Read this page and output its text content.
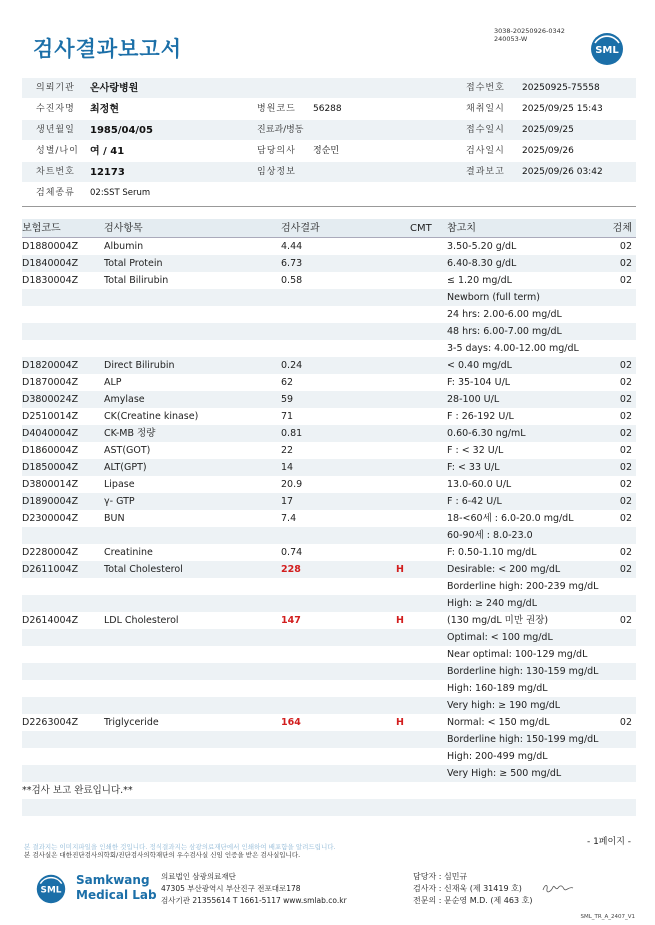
3038-20250926-0342
240053-W
검사결과보고서	SML
의뢰기관 온사랑병원	접수번호 20250925-75558
수진자명 최정현	병원코드 56288	채취일시 2025/09/25 15:43
생년월일 1985/04/05	진료과/병동	접수일시 2025/09/25
성별/나이 여 / 41	담당의사 정순민	검사일시 2025/09/26
차트번호 12173	임상정보	결과보고 2025/09/26 03:42
검체종류 02:SST Serum
보험코드	검사항목	검사결과	CMT 참고치	검체
D1880004Z	Albumin	4.44	3.50-5.20 g/dL	02
D1840004Z	Total Protein	6.73	6.40-8.30 g/dL	02
D1830004Z	Total Bilirubin	0.58	≤ 1.20 mg/dL	02
Newborn (full term)
24 hrs: 2.00-6.00 mg/dL
48 hrs: 6.00-7.00 mg/dL
3-5 days: 4.00-12.00 mg/dL
D1820004Z	Direct Bilirubin	0.24	< 0.40 mg/dL	02
D1870004Z	ALP	62	F: 35-104 U/L	02
D3800024Z	Amylase	59	28-100 U/L	02
D2510014Z	CK(Creatine kinase)	71	F : 26-192 U/L	02
D4040004Z	CK-MB 정량	0.81	0.60-6.30 ng/mL	02
D1860004Z	AST(GOT)	22	F : < 32 U/L	02
D1850004Z	ALT(GPT)	14	F: < 33 U/L	02
D3800014Z	Lipase	20.9	13.0-60.0 U/L	02
D1890004Z	γ- GTP	17	F : 6-42 U/L	02
D2300004Z	BUN	7.4	18-<60세 : 6.0-20.0 mg/dL	02
60-90세 : 8.0-23.0
D2280004Z	Creatinine	0.74	F: 0.50-1.10 mg/dL	02
D2611004Z	Total Cholesterol	228	H	Desirable: < 200 mg/dL	02
Borderline high: 200-239 mg/dL
High: ≥ 240 mg/dL
D2614004Z	LDL Cholesterol	147	H	(130 mg/dL 미만 권장)	02
Optimal: < 100 mg/dL
Near optimal: 100-129 mg/dL
Borderline high: 130-159 mg/dL
High: 160-189 mg/dL
Very high: ≥ 190 mg/dL
D2263004Z	Triglyceride	164	H	Normal: < 150 mg/dL	02
Borderline high: 150-199 mg/dL
High: 200-499 mg/dL
Very High: ≥ 500 mg/dL
**검사 보고 완료입니다.**
- 1페이지 -
본 결과지는 이미지파일을 인쇄한 것입니다. 정식결과지는 삼광의료재단에서 인쇄하여 배포함을 알려드립니다.
본 검사실은 대한진단검사의학회/진단검사의학재단의 우수검사실 신임 인증을 받은 검사실입니다.
SML
Samkwang
Medical Lab
의료법인 삼광의료재단
47305 부산광역시 부산진구 전포대로178
검사기관 21355614 T 1661-5117 www.smlab.co.kr
담당자 : 심민규
검사자 : 신재욱 (제 31419 호)
전문의 : 문순영 M.D. (제 463 호)
SML_TR_A_2407_V1
